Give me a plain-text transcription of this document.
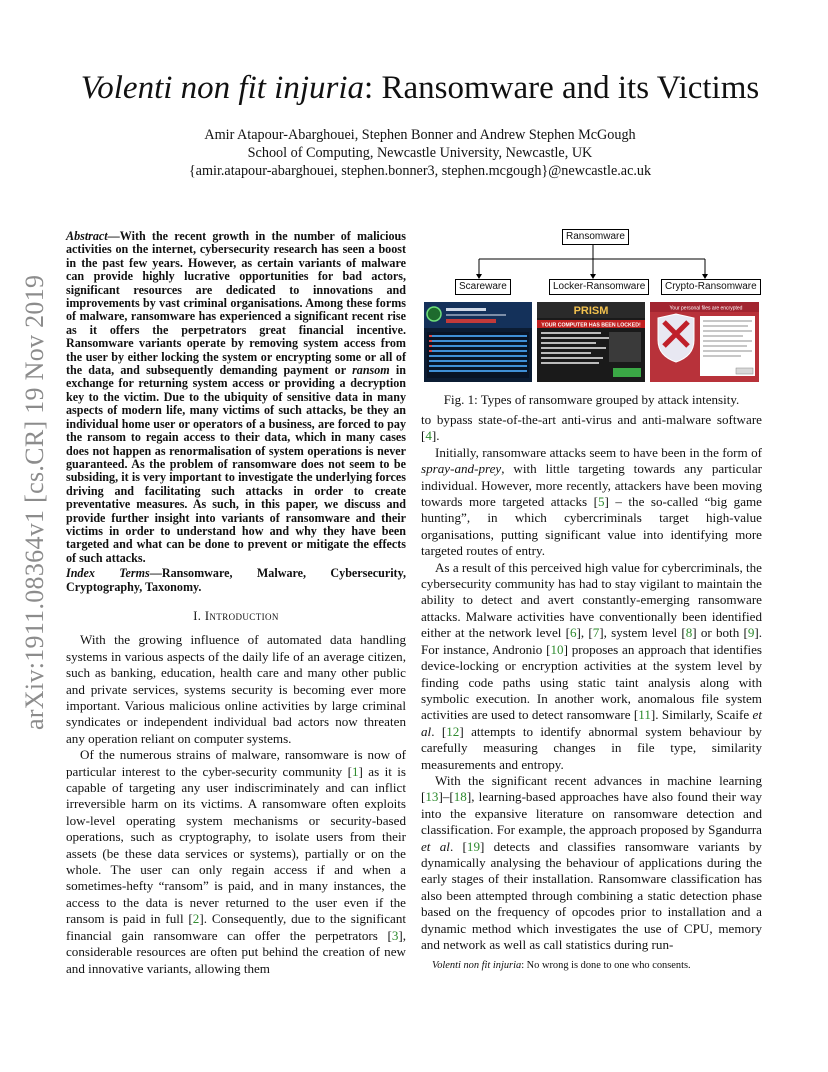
arXiv:1911.08364v1 [cs.CR] 19 Nov 2019
Volenti non fit injuria: Ransomware and its Victims
Amir Atapour-Abarghouei, Stephen Bonner and Andrew Stephen McGough
School of Computing, Newcastle University, Newcastle, UK
{amir.atapour-abarghouei, stephen.bonner3, stephen.mcgough}@newcastle.ac.uk

Abstract—With the recent growth in the number of malicious activities on the internet, cybersecurity research has seen a boost in the past few years. However, as certain variants of malware can provide highly lucrative opportunities for bad actors, significant resources are dedicated to innovations and improvements by vast criminal organisations. Among these forms of malware, ransomware has experienced a significant recent rise as it offers the perpetrators great financial incentive. Ransomware variants operate by removing system access from the user by either locking the system or encrypting some or all of the data, and subsequently demanding payment or ransom in exchange for returning system access or providing a decryption key to the victim. Due to the ubiquity of sensitive data in many aspects of modern life, many victims of such attacks, be they an individual home user or operators of a business, are forced to pay the ransom to regain access to their data, which in many cases does not happen as renormalisation of system operations is never guaranteed. As the problem of ransomware does not seem to be subsiding, it is very important to investigate the underlying forces driving and facilitating such attacks in order to create preventative measures. As such, in this paper, we discuss and provide further insight into variants of ransomware and their victims in order to understand how and why they have been targeted and what can be done to prevent or mitigate the effects of such attacks.

Index Terms—Ransomware, Malware, Cybersecurity, Cryptography, Taxonomy.

I. Introduction

With the growing influence of automated data handling systems in various aspects of the daily life of an average citizen, such as banking, education, health care and many other public and private services, systems security is becoming ever more important. Various malicious online activities by large criminal syndicates or independent individual bad actors now threaten any operation reliant on computer systems.

Of the numerous strains of malware, ransomware is now of particular interest to the cyber-security community [1] as it is capable of targeting any user indiscriminately and can inflict irreversible harm on its victims. A ransomware often exploits low-level operating system mechanisms or security-based operations, such as cryptography, to isolate users from their assets (be these data services or systems), partially or on the whole. The user can only regain access if and when a sometimes-hefty “ransom” is paid, and in many instances, the access to the data is never returned to the user even if the ransom is paid in full [2]. Consequently, due to the significant financial gain ransomware can offer the perpetrators [3], considerable resources are often put behind the creation of new and innovative variants, allowing them

Ransomware
Scareware	Locker-Ransomware	Crypto-Ransomware
PRISM
YOUR COMPUTER HAS BEEN LOCKED!
Your personal files are encrypted
Fig. 1: Types of ransomware grouped by attack intensity.

to bypass state-of-the-art anti-virus and anti-malware software [4].

Initially, ransomware attacks seem to have been in the form of spray-and-prey, with little targeting towards any particular individual. However, more recently, attackers have been moving towards more targeted attacks [5] – the so-called “big game hunting”, in which cybercriminals target high-value organisations, putting significant value into identifying more targeted routes of entry.

As a result of this perceived high value for cybercriminals, the cybersecurity community has had to stay vigilant to maintain the ability to detect and avert constantly-emerging ransomware attacks. Malware activities have conventionally been identified either at the network level [6], [7], system level [8] or both [9]. For instance, Andronio [10] proposes an approach that identifies device-locking or encryption activities at the system level by finding code paths using static taint analysis along with symbolic execution. In another work, anomalous file system activities are used to detect ransomware [11]. Similarly, Scaife et al. [12] attempts to identify abnormal system behaviour by carefully measuring changes in file type, similarity measurements and entropy.

With the significant recent advances in machine learning [13]–[18], learning-based approaches have also found their way into the expansive literature on ransomware detection and classification. For example, the approach proposed by Sgandurra et al. [19] detects and classifies ransomware variants by dynamically analysing the behaviour of applications during the early stages of their installation. Ransomware classification has also been attempted through combining a static detection phase based on the frequency of opcodes prior to installation and a dynamic method which investigates the use of CPU, memory and network as well as call statistics during run-

Volenti non fit injuria: No wrong is done to one who consents.
